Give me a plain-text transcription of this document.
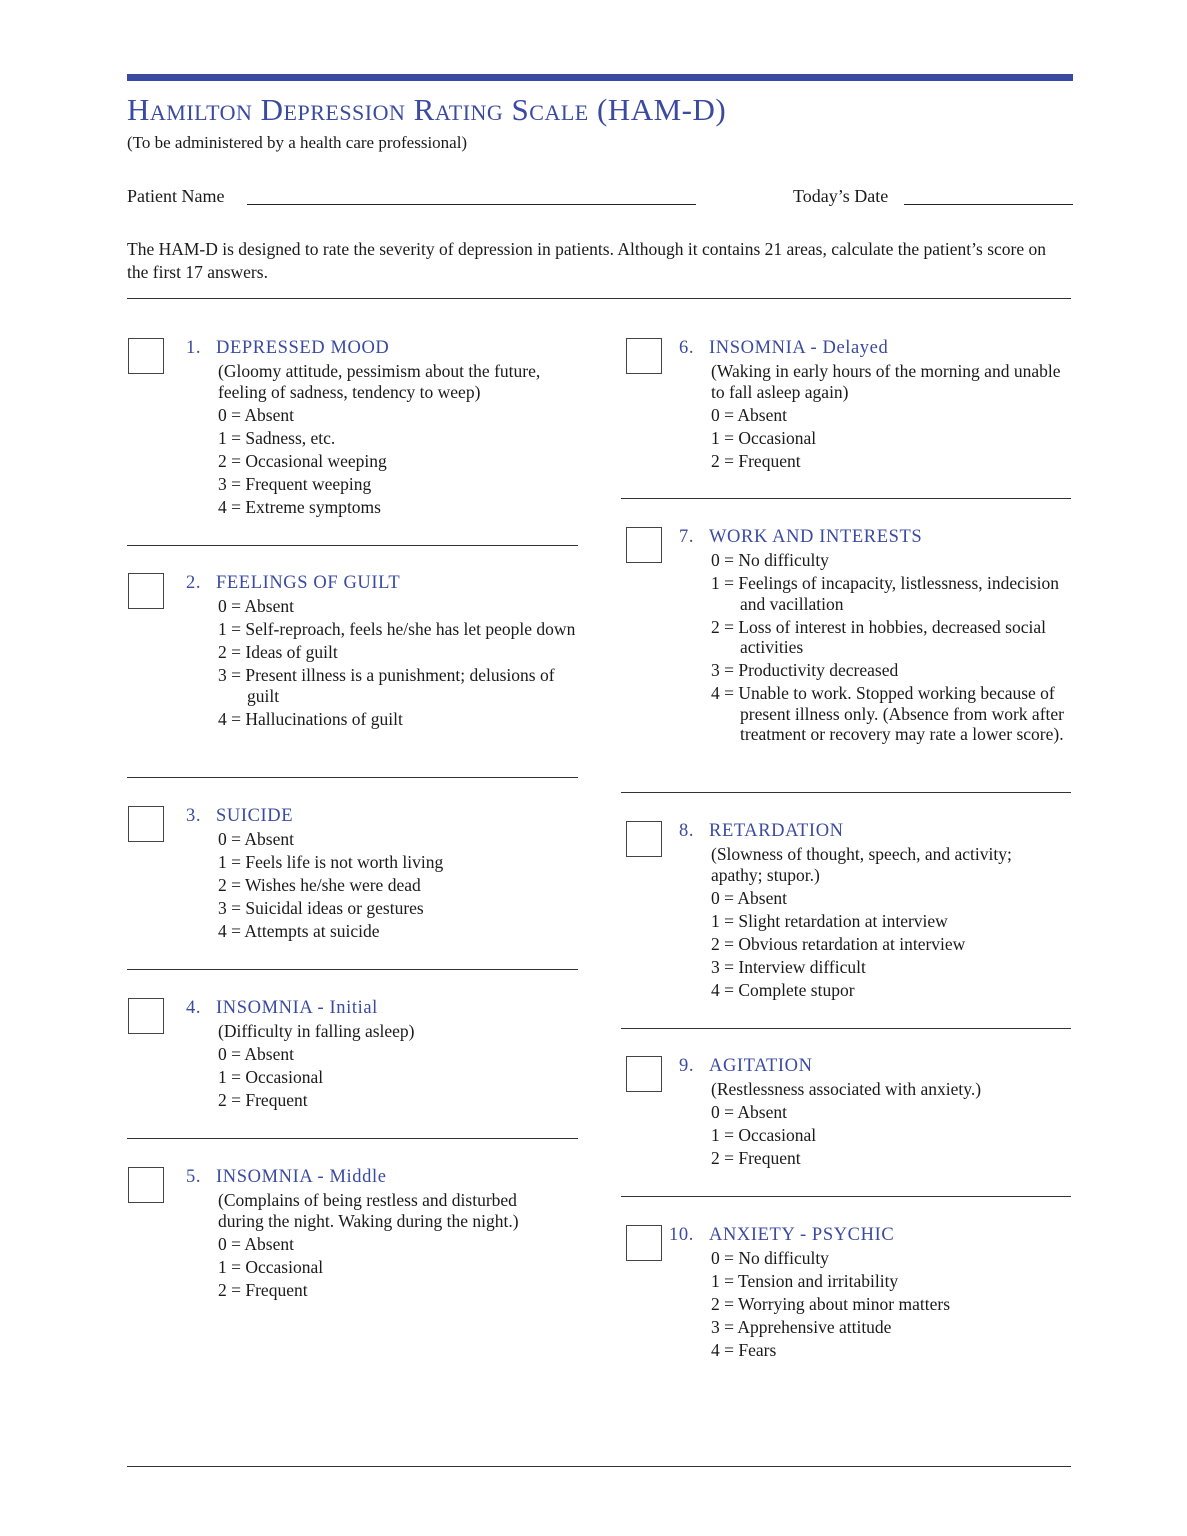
Hamilton Depression Rating Scale (HAM-D)
(To be administered by a health care professional)
Patient Name	Today’s Date
The HAM-D is designed to rate the severity of depression in patients. Although it contains 21 areas, calculate the patient’s score on the first 17 answers.
1. DEPRESSED MOOD
(Gloomy attitude, pessimism about the future, feeling of sadness, tendency to weep)
0 = Absent
1 = Sadness, etc.
2 = Occasional weeping
3 = Frequent weeping
4 = Extreme symptoms
2. FEELINGS OF GUILT
0 = Absent
1 = Self-reproach, feels he/she has let people down
2 = Ideas of guilt
3 = Present illness is a punishment; delusions of guilt
4 = Hallucinations of guilt
3. SUICIDE
0 = Absent
1 = Feels life is not worth living
2 = Wishes he/she were dead
3 = Suicidal ideas or gestures
4 = Attempts at suicide
4. INSOMNIA - Initial
(Difficulty in falling asleep)
0 = Absent
1 = Occasional
2 = Frequent
5. INSOMNIA - Middle
(Complains of being restless and disturbed during the night. Waking during the night.)
0 = Absent
1 = Occasional
2 = Frequent
6. INSOMNIA - Delayed
(Waking in early hours of the morning and unable to fall asleep again)
0 = Absent
1 = Occasional
2 = Frequent
7. WORK AND INTERESTS
0 = No difficulty
1 = Feelings of incapacity, listlessness, indecision and vacillation
2 = Loss of interest in hobbies, decreased social activities
3 = Productivity decreased
4 = Unable to work. Stopped working because of present illness only. (Absence from work after treatment or recovery may rate a lower score).
8. RETARDATION
(Slowness of thought, speech, and activity; apathy; stupor.)
0 = Absent
1 = Slight retardation at interview
2 = Obvious retardation at interview
3 = Interview difficult
4 = Complete stupor
9. AGITATION
(Restlessness associated with anxiety.)
0 = Absent
1 = Occasional
2 = Frequent
10. ANXIETY - PSYCHIC
0 = No difficulty
1 = Tension and irritability
2 = Worrying about minor matters
3 = Apprehensive attitude
4 = Fears
